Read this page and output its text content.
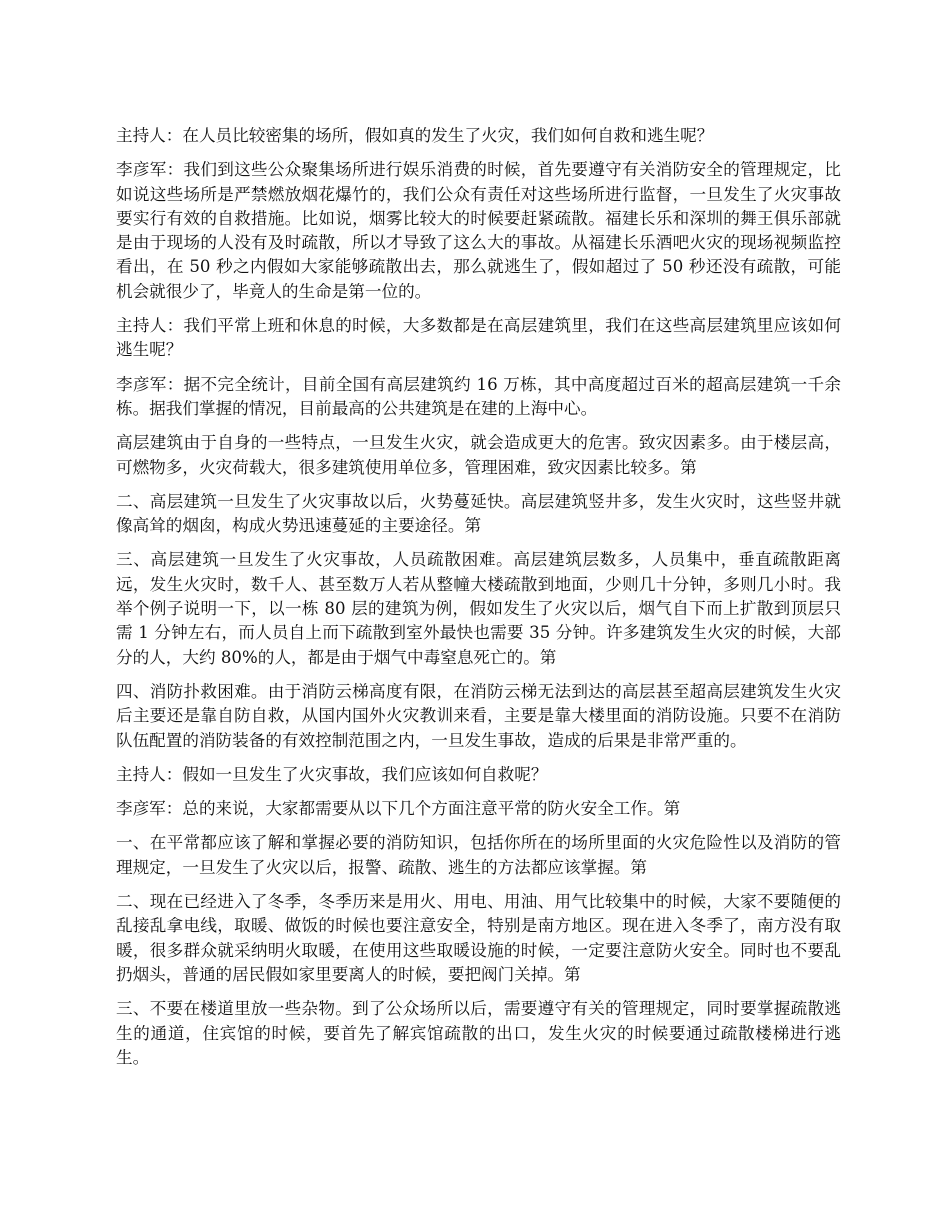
主持人：在人员比较密集的场所，假如真的发生了火灾，我们如何自救和逃生呢？

李彦军：我们到这些公众聚集场所进行娱乐消费的时候，首先要遵守有关消防安全的管理规定，比如说这些场所是严禁燃放烟花爆竹的，我们公众有责任对这些场所进行监督，一旦发生了火灾事故要实行有效的自救措施。比如说，烟雾比较大的时候要赶紧疏散。福建长乐和深圳的舞王俱乐部就是由于现场的人没有及时疏散，所以才导致了这么大的事故。从福建长乐酒吧火灾的现场视频监控看出，在 50 秒之内假如大家能够疏散出去，那么就逃生了，假如超过了 50 秒还没有疏散，可能机会就很少了，毕竟人的生命是第一位的。

主持人：我们平常上班和休息的时候，大多数都是在高层建筑里，我们在这些高层建筑里应该如何逃生呢？

李彦军：据不完全统计，目前全国有高层建筑约 16 万栋，其中高度超过百米的超高层建筑一千余栋。据我们掌握的情况，目前最高的公共建筑是在建的上海中心。

高层建筑由于自身的一些特点，一旦发生火灾，就会造成更大的危害。致灾因素多。由于楼层高，可燃物多，火灾荷载大，很多建筑使用单位多，管理困难，致灾因素比较多。第

二、高层建筑一旦发生了火灾事故以后，火势蔓延快。高层建筑竖井多，发生火灾时，这些竖井就像高耸的烟囱，构成火势迅速蔓延的主要途径。第

三、高层建筑一旦发生了火灾事故，人员疏散困难。高层建筑层数多，人员集中，垂直疏散距离远，发生火灾时，数千人、甚至数万人若从整幢大楼疏散到地面，少则几十分钟，多则几小时。我举个例子说明一下，以一栋 80 层的建筑为例，假如发生了火灾以后，烟气自下而上扩散到顶层只需 1 分钟左右，而人员自上而下疏散到室外最快也需要 35 分钟。许多建筑发生火灾的时候，大部分的人，大约 80%的人，都是由于烟气中毒窒息死亡的。第

四、消防扑救困难。由于消防云梯高度有限，在消防云梯无法到达的高层甚至超高层建筑发生火灾后主要还是靠自防自救，从国内国外火灾教训来看，主要是靠大楼里面的消防设施。只要不在消防队伍配置的消防装备的有效控制范围之内，一旦发生事故，造成的后果是非常严重的。

主持人：假如一旦发生了火灾事故，我们应该如何自救呢？

李彦军：总的来说，大家都需要从以下几个方面注意平常的防火安全工作。第

一、在平常都应该了解和掌握必要的消防知识，包括你所在的场所里面的火灾危险性以及消防的管理规定，一旦发生了火灾以后，报警、疏散、逃生的方法都应该掌握。第

二、现在已经进入了冬季，冬季历来是用火、用电、用油、用气比较集中的时候，大家不要随便的乱接乱拿电线，取暖、做饭的时候也要注意安全，特别是南方地区。现在进入冬季了，南方没有取暖，很多群众就采纳明火取暖，在使用这些取暖设施的时候，一定要注意防火安全。同时也不要乱扔烟头，普通的居民假如家里要离人的时候，要把阀门关掉。第

三、不要在楼道里放一些杂物。到了公众场所以后，需要遵守有关的管理规定，同时要掌握疏散逃生的通道，住宾馆的时候，要首先了解宾馆疏散的出口，发生火灾的时候要通过疏散楼梯进行逃生。
